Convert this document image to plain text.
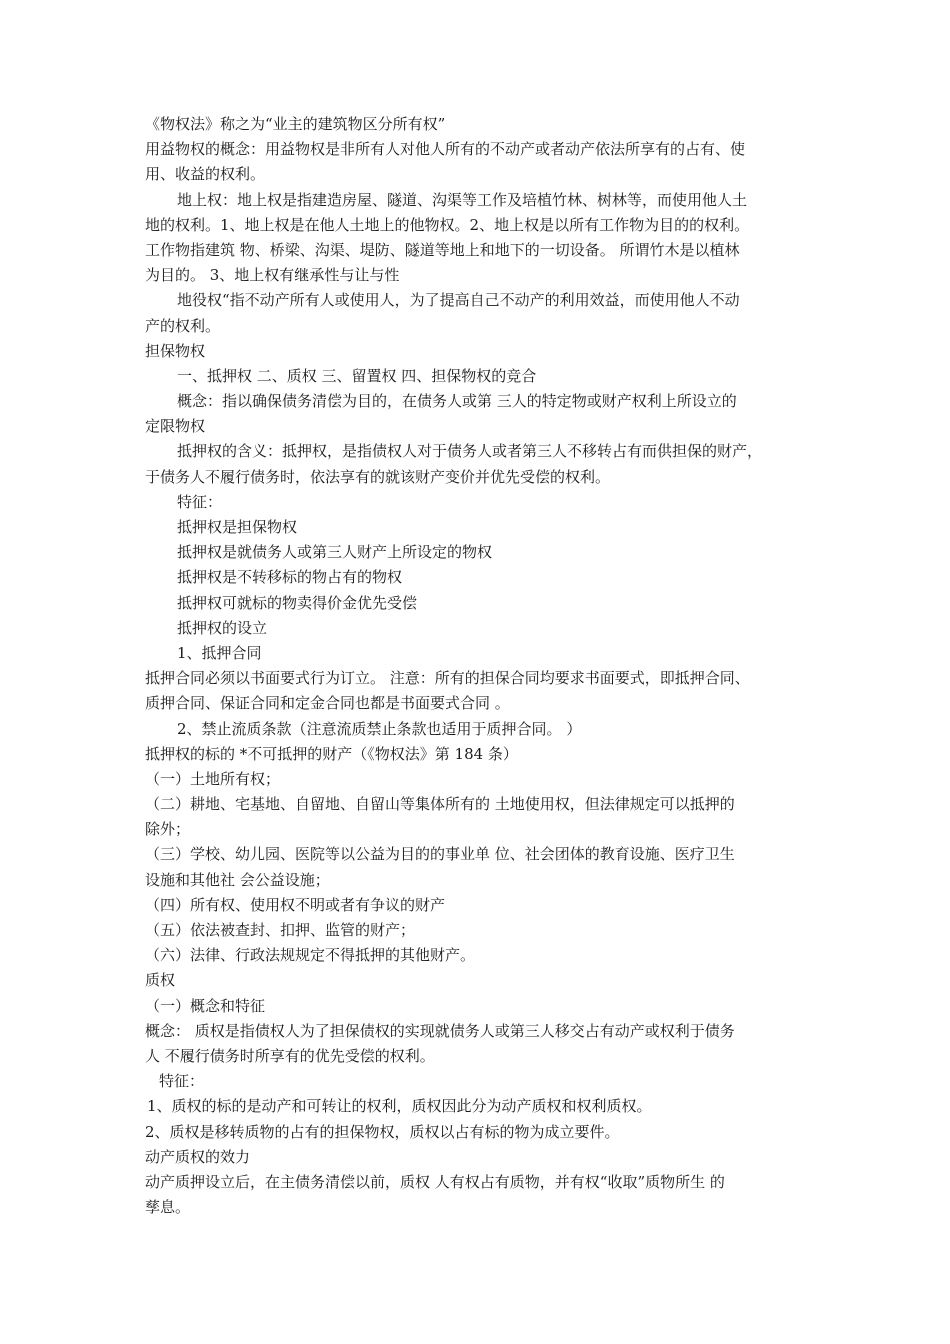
《物权法》称之为“业主的建筑物区分所有权”
用益物权的概念：用益物权是非所有人对他人所有的不动产或者动产依法所享有的占有、使
用、收益的权利。
地上权：地上权是指建造房屋、隧道、沟渠等工作及培植竹林、树林等，而使用他人土
地的权利。1、地上权是在他人土地上的他物权。2、地上权是以所有工作物为目的的权利。
工作物指建筑 物、桥梁、沟渠、堤防、隧道等地上和地下的一切设备。 所谓竹木是以植林
为目的。 3、地上权有继承性与让与性
地役权“指不动产所有人或使用人，为了提高自己不动产的利用效益，而使用他人不动
产的权利。
担保物权
一、抵押权 二、质权 三、留置权 四、担保物权的竞合
概念：指以确保债务清偿为目的，在债务人或第 三人的特定物或财产权利上所设立的
定限物权
抵押权的含义：抵押权，是指债权人对于债务人或者第三人不移转占有而供担保的财产，
于债务人不履行债务时，依法享有的就该财产变价并优先受偿的权利。
特征：
抵押权是担保物权
抵押权是就债务人或第三人财产上所设定的物权
抵押权是不转移标的物占有的物权
抵押权可就标的物卖得价金优先受偿
抵押权的设立
1、抵押合同
抵押合同必须以书面要式行为订立。 注意：所有的担保合同均要求书面要式，即抵押合同、
质押合同、保证合同和定金合同也都是书面要式合同 。
2、禁止流质条款（注意流质禁止条款也适用于质押合同。 ）
抵押权的标的 *不可抵押的财产（《物权法》第 184 条）
（一）土地所有权；
（二）耕地、宅基地、自留地、自留山等集体所有的 土地使用权，但法律规定可以抵押的
除外；
（三）学校、幼儿园、医院等以公益为目的的事业单 位、社会团体的教育设施、医疗卫生
设施和其他社 会公益设施；
（四）所有权、使用权不明或者有争议的财产
（五）依法被查封、扣押、监管的财产；
（六）法律、行政法规规定不得抵押的其他财产。
质权
（一）概念和特征
概念： 质权是指债权人为了担保债权的实现就债务人或第三人移交占有动产或权利于债务
人 不履行债务时所享有的优先受偿的权利。
特征：
1、质权的标的是动产和可转让的权利，质权因此分为动产质权和权利质权。
2、质权是移转质物的占有的担保物权，质权以占有标的物为成立要件。
动产质权的效力
动产质押设立后，在主债务清偿以前，质权 人有权占有质物，并有权“收取”质物所生 的
孳息。
